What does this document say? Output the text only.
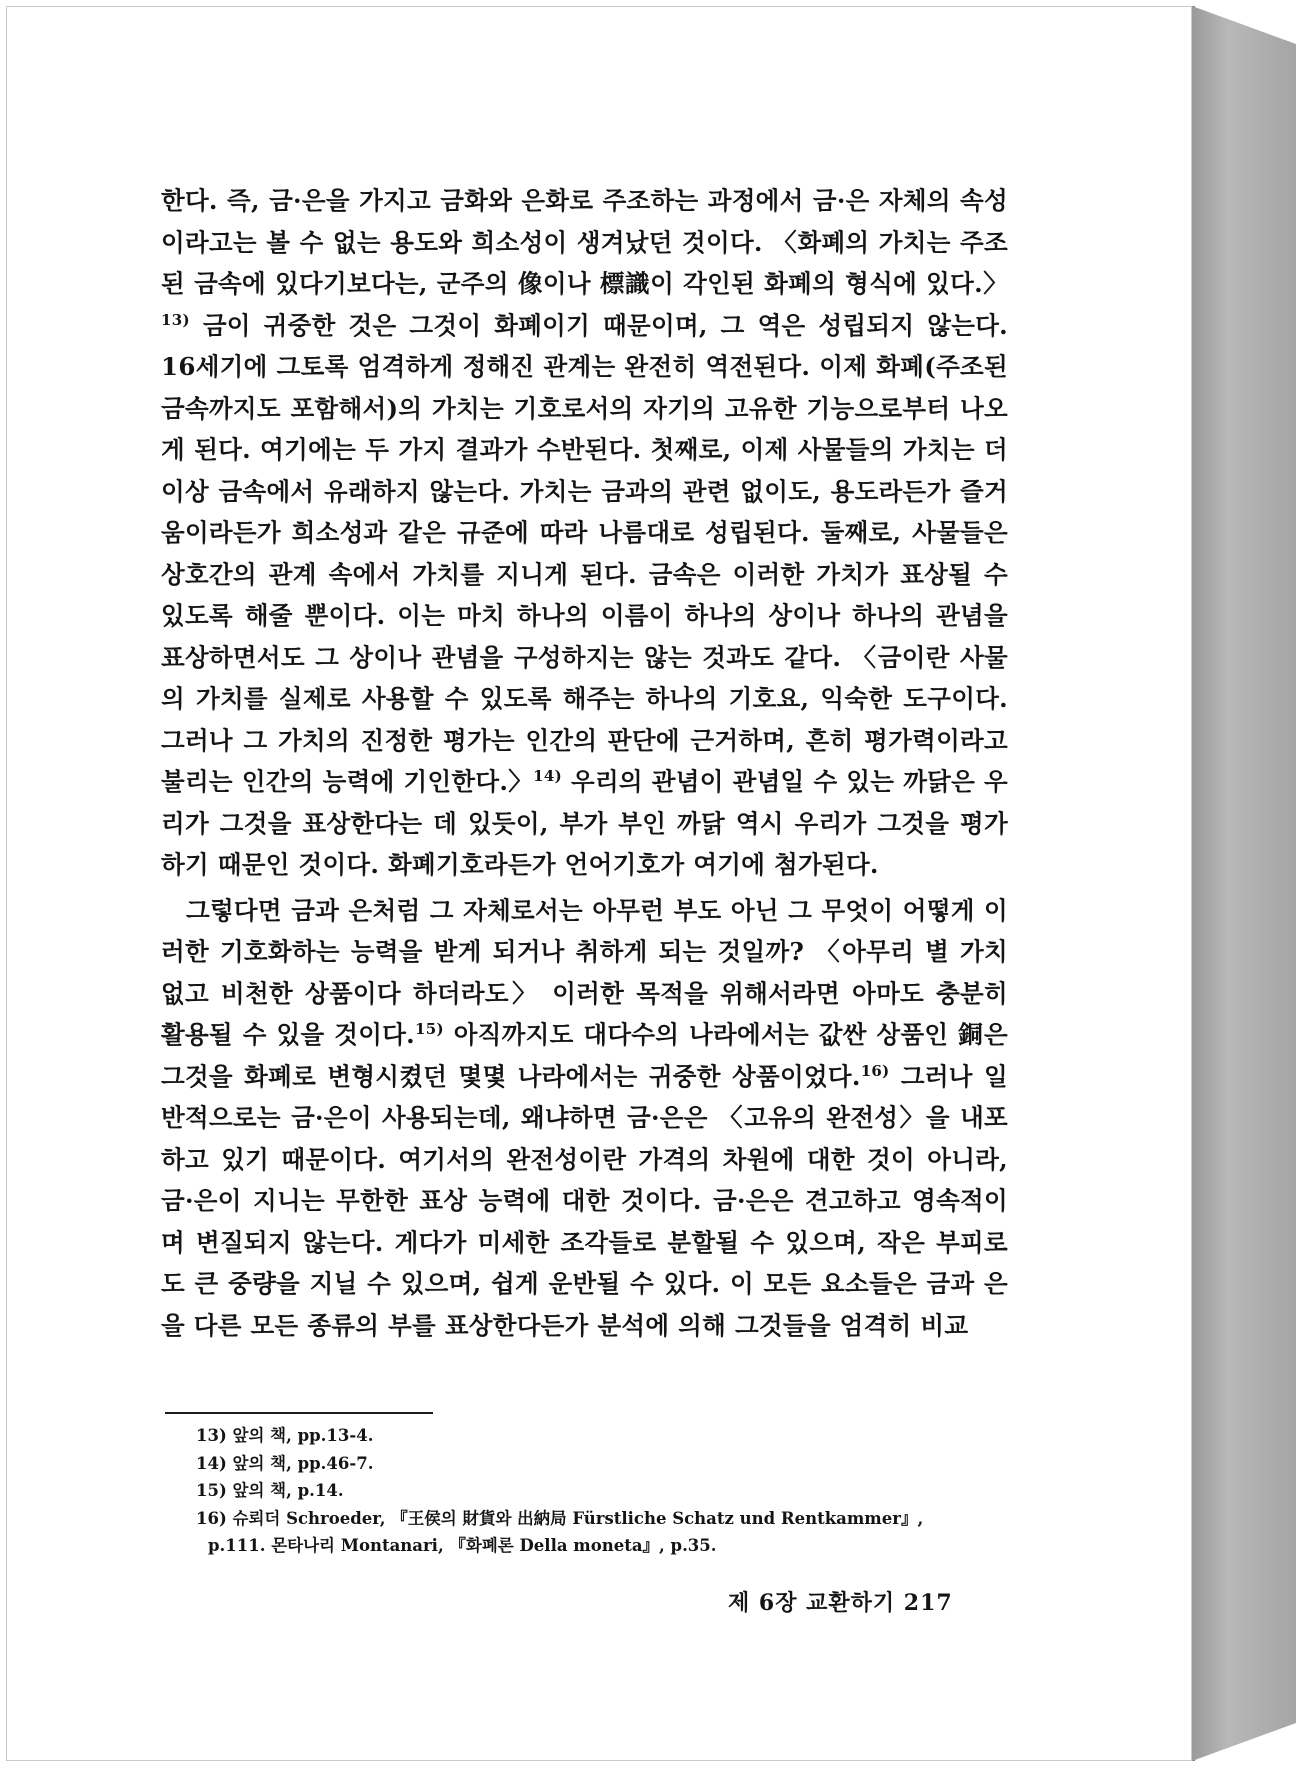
한다. 즉, 금·은을 가지고 금화와 은화로 주조하는 과정에서 금·은 자체의 속성이라고는 볼 수 없는 용도와 희소성이 생겨났던 것이다. 〈화폐의 가치는 주조된 금속에 있다기보다는, 군주의 像이나 標識이 각인된 화폐의 형식에 있다.〉$^{13)}$ 금이 귀중한 것은 그것이 화폐이기 때문이며, 그 역은 성립되지 않는다. 16세기에 그토록 엄격하게 정해진 관계는 완전히 역전된다. 이제 화폐(주조된 금속까지도 포함해서)의 가치는 기호로서의 자기의 고유한 기능으로부터 나오게 된다. 여기에는 두 가지 결과가 수반된다. 첫째로, 이제 사물들의 가치는 더이상 금속에서 유래하지 않는다. 가치는 금과의 관련 없이도, 용도라든가 즐거움이라든가 희소성과 같은 규준에 따라 나름대로 성립된다. 둘째로, 사물들은 상호간의 관계 속에서 가치를 지니게 된다. 금속은 이러한 가치가 표상될 수 있도록 해줄 뿐이다. 이는 마치 하나의 이름이 하나의 상이나 하나의 관념을 표상하면서도 그 상이나 관념을 구성하지는 않는 것과도 같다. 〈금이란 사물의 가치를 실제로 사용할 수 있도록 해주는 하나의 기호요, 익숙한 도구이다. 그러나 그 가치의 진정한 평가는 인간의 판단에 근거하며, 흔히 평가력이라고 불리는 인간의 능력에 기인한다.〉$^{14)}$ 우리의 관념이 관념일 수 있는 까닭은 우리가 그것을 표상한다는 데 있듯이, 부가 부인 까닭 역시 우리가 그것을 평가하기 때문인 것이다. 화폐기호라든가 언어기호가 여기에 첨가된다.

그렇다면 금과 은처럼 그 자체로서는 아무런 부도 아닌 그 무엇이 어떻게 이러한 기호화하는 능력을 받게 되거나 취하게 되는 것일까? 〈아무리 별 가치 없고 비천한 상품이다 하더라도〉 이러한 목적을 위해서라면 아마도 충분히 활용될 수 있을 것이다.$^{15)}$ 아직까지도 대다수의 나라에서는 값싼 상품인 銅은 그것을 화폐로 변형시켰던 몇몇 나라에서는 귀중한 상품이었다.$^{16)}$ 그러나 일반적으로는 금·은이 사용되는데, 왜냐하면 금·은은 〈고유의 완전성〉을 내포하고 있기 때문이다. 여기서의 완전성이란 가격의 차원에 대한 것이 아니라, 금·은이 지니는 무한한 표상 능력에 대한 것이다. 금·은은 견고하고 영속적이며 변질되지 않는다. 게다가 미세한 조각들로 분할될 수 있으며, 작은 부피로도 큰 중량을 지닐 수 있으며, 쉽게 운반될 수 있다. 이 모든 요소들은 금과 은을 다른 모든 종류의 부를 표상한다든가 분석에 의해 그것들을 엄격히 비교

13) 앞의 책, pp.13-4.

14) 앞의 책, pp.46-7.

15) 앞의 책, p.14.

16) 슈뢰더 Schroeder, 『王侯의 財貨와 出納局 Fürstliche Schatz und Rentkammer』,

p.111. 몬타나리 Montanari, 『화폐론 Della moneta』, p.35.

제 6장 교환하기 217
